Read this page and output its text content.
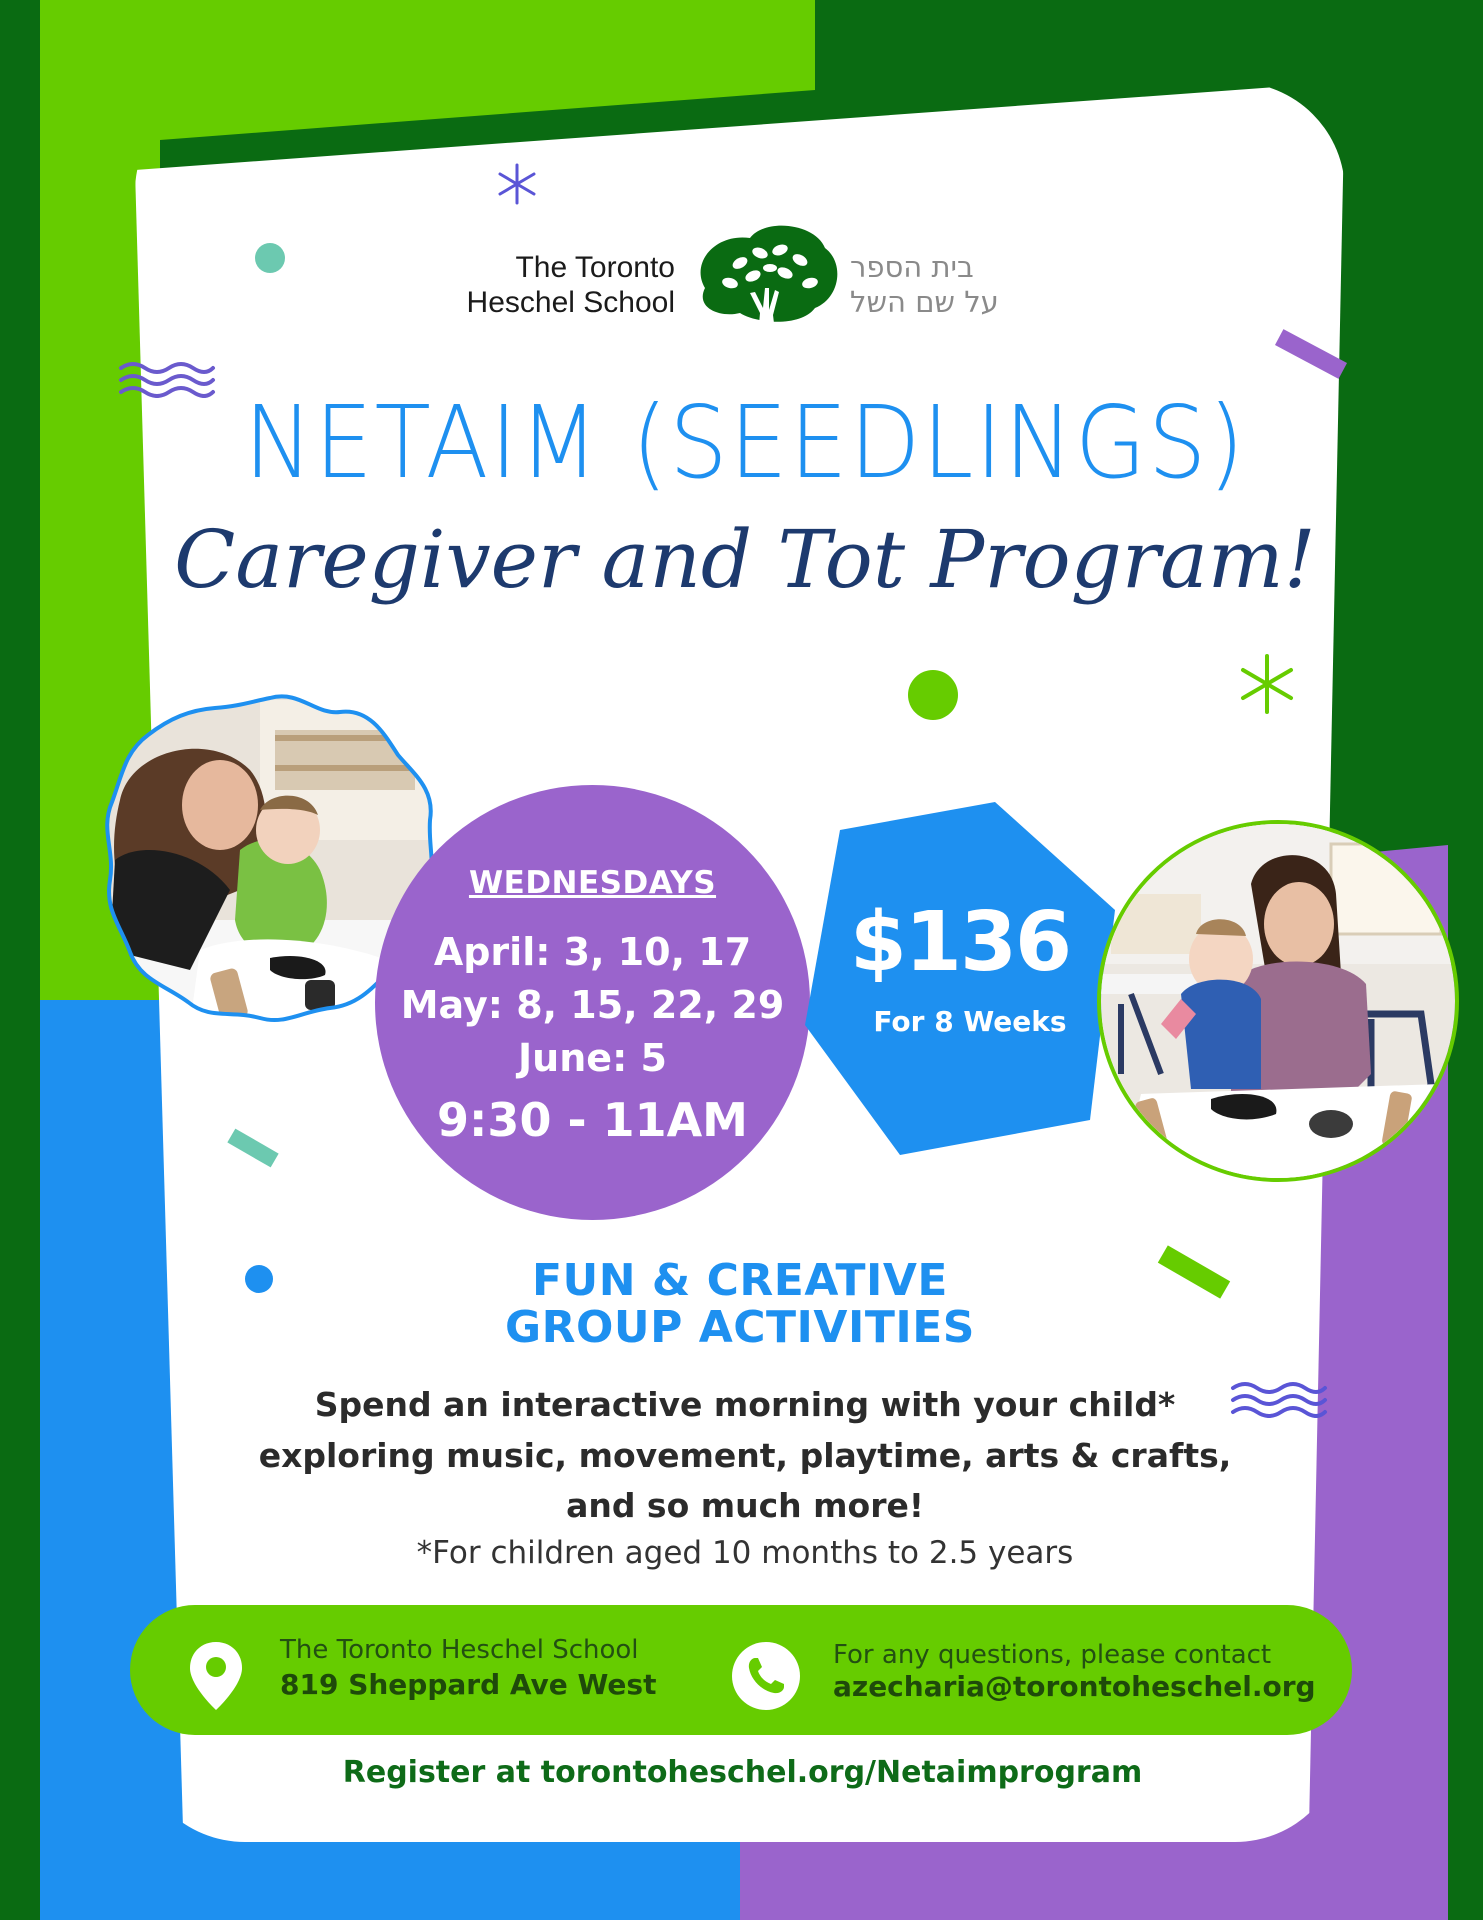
The Toronto
Heschel School
בית הספר
על שם השל
NETAIM (SEEDLINGS)
Caregiver and Tot Program!
WEDNESDAYS
April: 3, 10, 17
May: 8, 15, 22, 29
June: 5
9:30 - 11AM
$136
For 8 Weeks
FUN & CREATIVE
GROUP ACTIVITIES
Spend an interactive morning with your child*
exploring music, movement, playtime, arts & crafts,
and so much more!
*For children aged 10 months to 2.5 years
The Toronto Heschel School
819 Sheppard Ave West
For any questions, please contact
azecharia@torontoheschel.org
Register at torontoheschel.org/Netaimprogram
